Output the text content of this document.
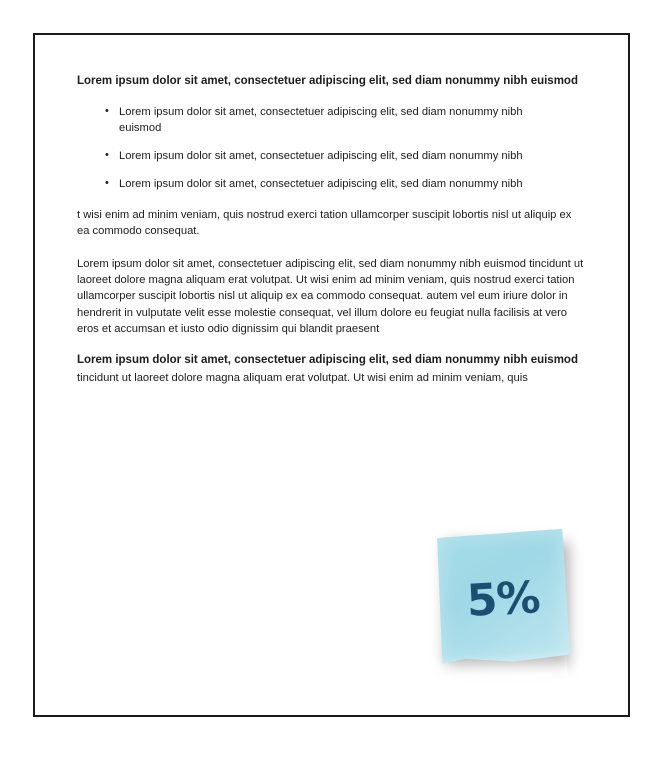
Lorem ipsum dolor sit amet, consectetuer adipiscing elit, sed diam nonummy nibh euismod

• Lorem ipsum dolor sit amet, consectetuer adipiscing elit, sed diam nonummy nibh euismod
• Lorem ipsum dolor sit amet, consectetuer adipiscing elit, sed diam nonummy nibh
• Lorem ipsum dolor sit amet, consectetuer adipiscing elit, sed diam nonummy nibh

t wisi enim ad minim veniam, quis nostrud exerci tation ullamcorper suscipit lobortis nisl ut aliquip ex ea commodo consequat.

Lorem ipsum dolor sit amet, consectetuer adipiscing elit, sed diam nonummy nibh euismod tincidunt ut laoreet dolore magna aliquam erat volutpat. Ut wisi enim ad minim veniam, quis nostrud exerci tation ullamcorper suscipit lobortis nisl ut aliquip ex ea commodo consequat. autem vel eum iriure dolor in hendrerit in vulputate velit esse molestie consequat, vel illum dolore eu feugiat nulla facilisis at vero eros et accumsan et iusto odio dignissim qui blandit praesent

Lorem ipsum dolor sit amet, consectetuer adipiscing elit, sed diam nonummy nibh euismod

tincidunt ut laoreet dolore magna aliquam erat volutpat. Ut wisi enim ad minim veniam, quis

5%
